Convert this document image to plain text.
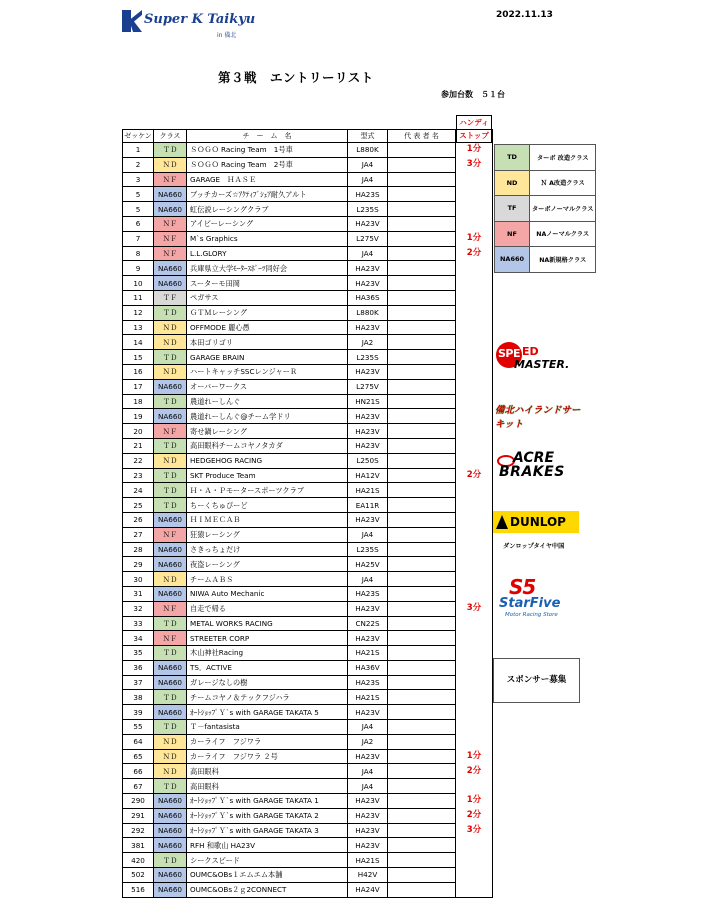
Super K Taikyu
in 備北
2022.11.13
第３戦　エントリーリスト
参加台数　５１台
ハンディ
ストップ
ゼッケン	クラス	チ　ー　ム　名	型式	代 表 者 名	
1	ＴＤ	ＳＯＧＯ Racing Team　1号車	L880K		1分
2	ＮＤ	ＳＯＧＯ Racing Team　2号車	JA4		3分
3	ＮＦ	GARAGE　ＨＡＳＥ	JA4		
5	NA660	ブッチカーズ☆ｱｸﾃｨﾌﾞｼｪｱ耐久アルト	HA23S		
5	NA660	虹伝説レーシングクラブ	L235S		
6	ＮＦ	アイビーレーシング	HA23V		
7	ＮＦ	M`s Graphics	L275V		1分
8	ＮＦ	L.L.GLORY	JA4		2分
9	NA660	兵庫県立大学ﾓｰﾀｰｽﾎﾟｰﾂ同好会	HA23V		
10	NA660	スーターモ田岡	HA23V		
11	ＴＦ	ペガサス	HA36S		
12	ＴＤ	ＧＴＭレーシング	L880K		
13	ＮＤ	OFFMODE 麗心愚	HA23V		
14	ＮＤ	本田ゴリゴリ	JA2		
15	ＴＤ	GARAGE BRAIN	L235S		
16	ＮＤ	ハートキャッチSSCレンジャーＲ	HA23V		
17	NA660	オーバーワークス	L275V		
18	ＴＤ	農道れーしんぐ	HN21S		
19	NA660	農道れーしんぐ@チーム学ドリ	HA23V		
20	ＮＦ	寄せ鍋レーシング	HA23V		
21	ＴＤ	高田眼科チームコヤノタカダ	HA23V		
22	ＮＤ	HEDGEHOG RACING	L250S		
23	ＴＤ	SKT Produce Team	HA12V		2分
24	ＴＤ	Ｈ・Ａ・Ｐモータースポーツクラブ	HA21S		
25	ＴＤ	ちーくちゅぴーど	EA11R		
26	NA660	ＨＩＭＥＣＡＢ	HA23V		
27	ＮＦ	狂猿レーシング	JA4		
28	NA660	さきっちょだけ	L235S		
29	NA660	夜盗レーシング	HA25V		
30	ＮＤ	チームＡＢＳ	JA4		
31	NA660	NIWA Auto Mechanic	HA23S		
32	ＮＦ	自走で帰る	HA23V		3分
33	ＴＤ	METAL WORKS RACING	CN22S		
34	ＮＦ	STREETER CORP	HA23V		
35	ＴＤ	木山神社Racing	HA21S		
36	NA660	TS．ACTIVE	HA36V		
37	NA660	ガレージなしの樹	HA23S		
38	ＴＤ	チームコヤノ＆テックフジハラ	HA21S		
39	NA660	ｵｰﾄｼｮｯﾌﾟＹ`s with GARAGE TAKATA 5	HA23V		
55	ＴＤ	Ｔ－fantasista	JA4		
64	ＮＤ	カーライフ　フジワラ	JA2		
65	ＮＤ	カーライフ　フジワラ ２号	HA23V		1分
66	ＮＤ	高田眼科	JA4		2分
67	ＴＤ	高田眼科	JA4		
290	NA660	ｵｰﾄｼｮｯﾌﾟＹ`s with GARAGE TAKATA 1	HA23V		1分
291	NA660	ｵｰﾄｼｮｯﾌﾟＹ`s with GARAGE TAKATA 2	HA23V		2分
292	NA660	ｵｰﾄｼｮｯﾌﾟＹ`s with GARAGE TAKATA 3	HA23V		3分
381	NA660	RFH 和歌山 HA23V	HA23V		
420	ＴＤ	シークスピード	HA21S		
502	NA660	OUMC&OBs１エムエム本舗	H42V		
516	NA660	OUMC&OBs２ｇ2CONNECT	HA24V		
TD	ターボ 改造クラス
ND	Ｎ A改造クラス
TF	ターボノーマルクラス
NF	NAノーマルクラス
NA660	NA新規格クラス
SPE ED
MASTER.
備北ハイランドサーキット
ACRE
BRAKES
DUNLOP
ダンロップタイヤ中国
S5
StarFive
Motor Racing Store
スポンサー募集
